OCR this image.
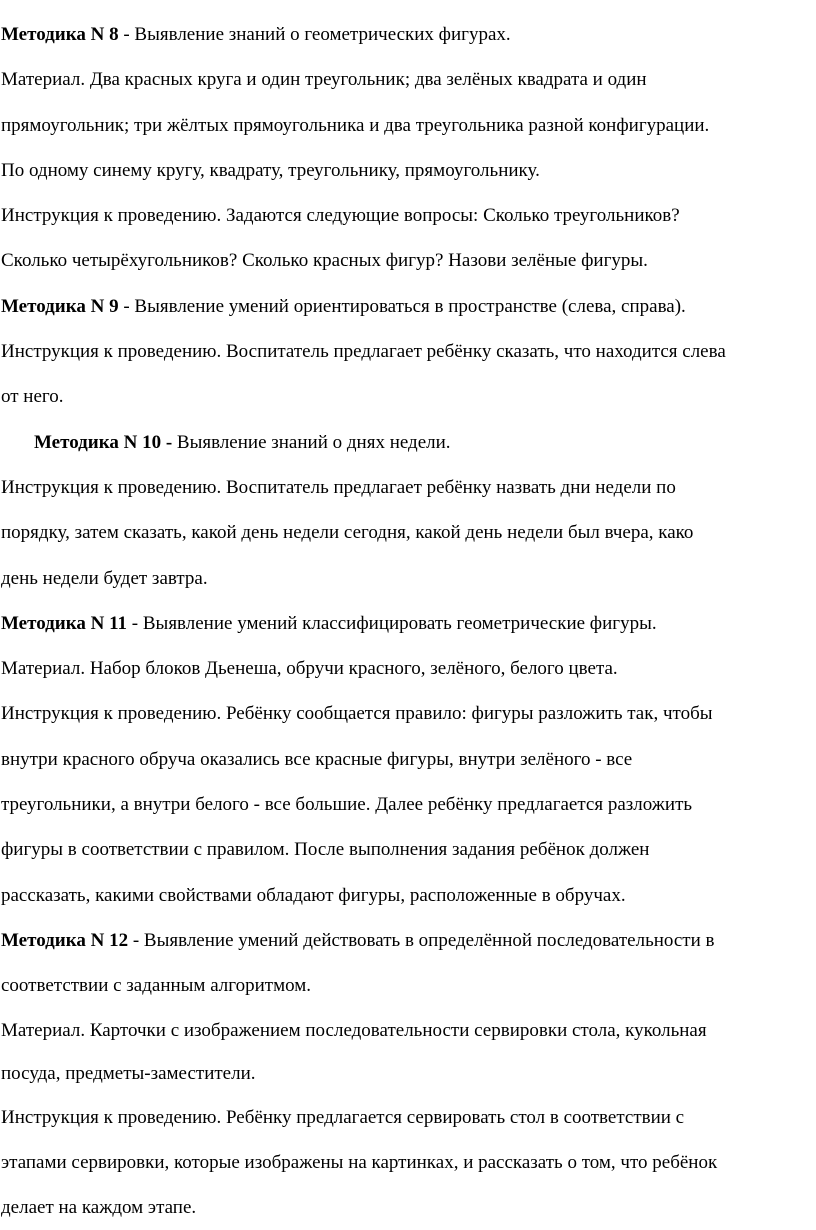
Методика N 8 - Выявление знаний о геометрических фигурах.
Материал. Два красных круга и один треугольник; два зелёных квадрата и один
прямоугольник; три жёлтых прямоугольника и два треугольника разной конфигурации.
По одному синему кругу, квадрату, треугольнику, прямоугольнику.
Инструкция к проведению. Задаются следующие вопросы: Сколько треугольников?
Сколько четырёхугольников? Сколько красных фигур? Назови зелёные фигуры.
Методика N 9 - Выявление умений ориентироваться в пространстве (слева, справа).
Инструкция к проведению. Воспитатель предлагает ребёнку сказать, что находится слева
от него.
Методика N 10 - Выявление знаний о днях недели.
Инструкция к проведению. Воспитатель предлагает ребёнку назвать дни недели по
порядку, затем сказать, какой день недели сегодня, какой день недели был вчера, како
день недели будет завтра.
Методика N 11 - Выявление умений классифицировать геометрические фигуры.
Материал. Набор блоков Дьенеша, обручи красного, зелёного, белого цвета.
Инструкция к проведению. Ребёнку сообщается правило: фигуры разложить так, чтобы
внутри красного обруча оказались все красные фигуры, внутри зелёного - все
треугольники, а внутри белого - все большие. Далее ребёнку предлагается разложить
фигуры в соответствии с правилом. После выполнения задания ребёнок должен
рассказать, какими свойствами обладают фигуры, расположенные в обручах.
Методика N 12 - Выявление умений действовать в определённой последовательности в
соответствии с заданным алгоритмом.
Материал. Карточки с изображением последовательности сервировки стола, кукольная
посуда, предметы-заместители.
Инструкция к проведению. Ребёнку предлагается сервировать стол в соответствии с
этапами сервировки, которые изображены на картинках, и рассказать о том, что ребёнок
делает на каждом этапе.
